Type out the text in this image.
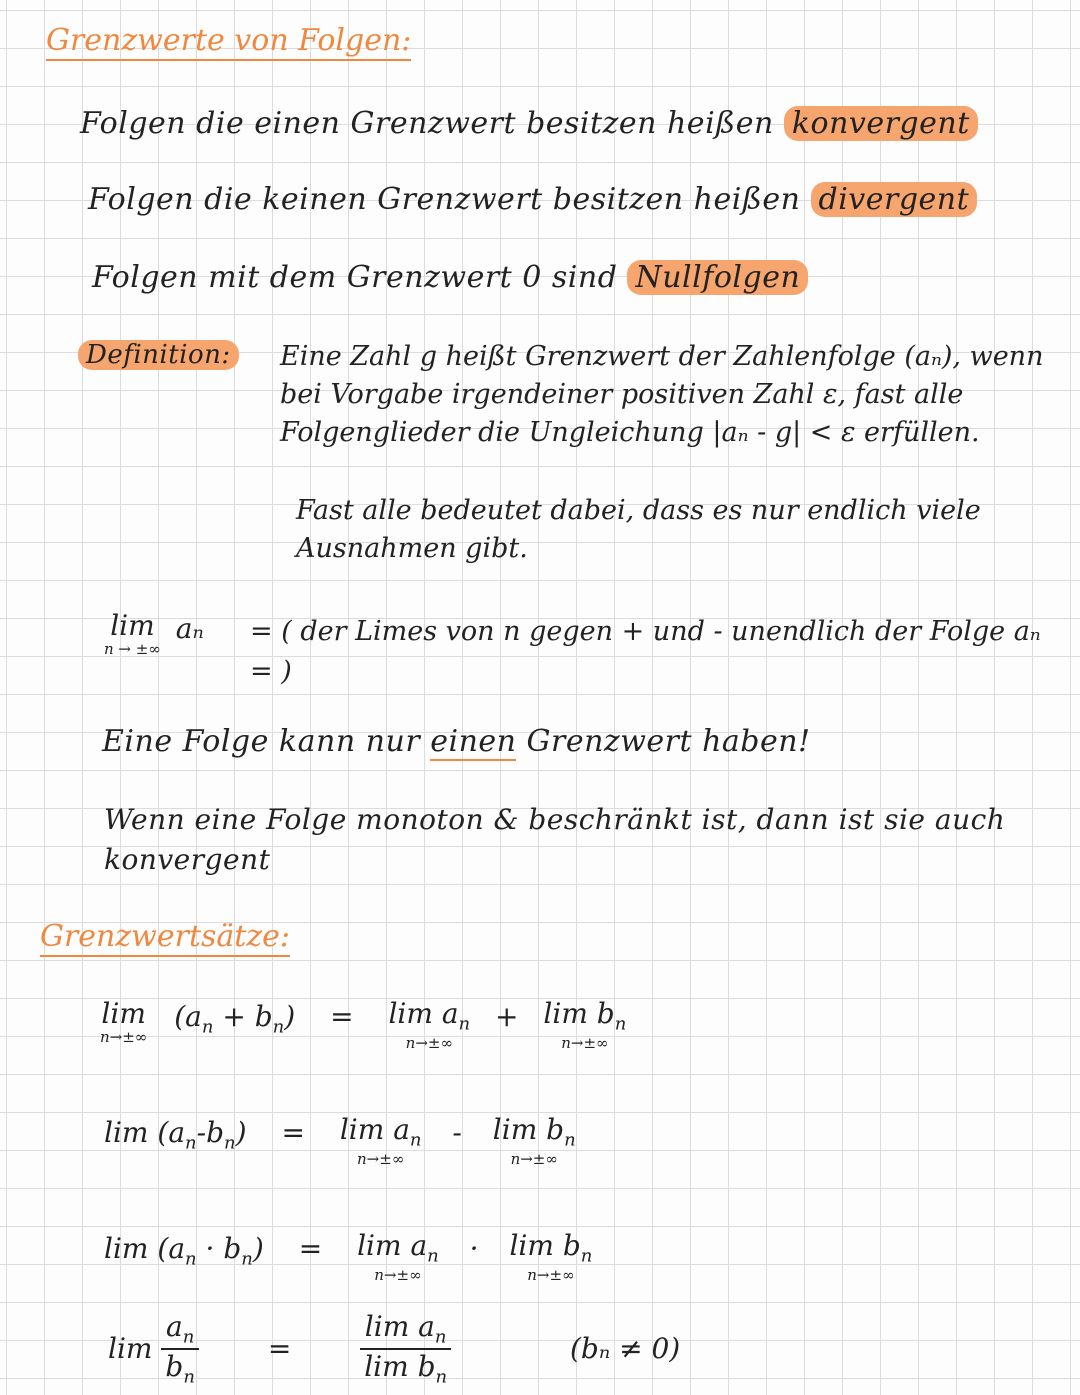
Grenzwerte von Folgen:
Folgen die einen Grenzwert besitzen heißen konvergent
Folgen die keinen Grenzwert besitzen heißen divergent
Folgen mit dem Grenzwert 0 sind Nullfolgen
Definition: Eine Zahl g heißt Grenzwert der Zahlenfolge (aₙ), wenn bei Vorgabe irgendeiner positiven Zahl ε, fast alle Folgenglieder die Ungleichung |aₙ - g| < ε erfüllen.
Fast alle bedeutet dabei, dass es nur endlich viele Ausnahmen gibt.
lim
n → ±∞
aₙ = ( der Limes von n gegen + und - unendlich der Folge aₙ = )
Eine Folge kann nur einen Grenzwert haben!
Wenn eine Folge monoton & beschränkt ist, dann ist sie auch konvergent
Grenzwertsätze:
lim
n→±∞
$(a_n + b_n) = \lim a_n$
n→±∞
+ $\lim b_n$
n→±∞
$\lim (a_n-b_n) = \lim a_n$
n→±∞
- $\lim b_n$
n→±∞
$\lim (a_n \cdot b_n) = \lim a_n$
n→±∞
· $\lim b_n$
n→±∞
$\lim \frac{a_n}{b_n} = \frac{\lim a_n}{\lim b_n}$	(bₙ ≠ 0)
